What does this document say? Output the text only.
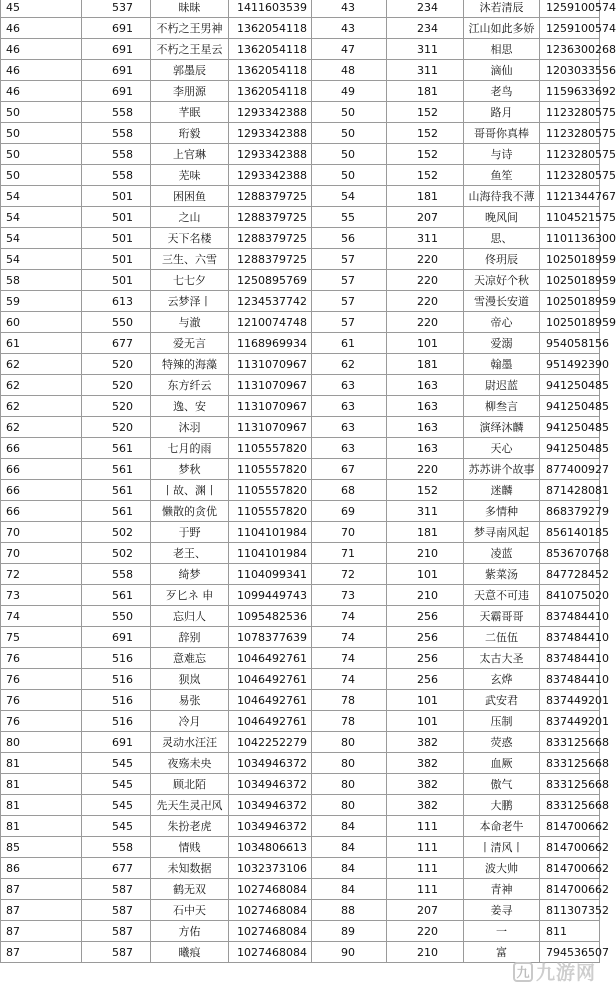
45	537	昧昧	1411603539	43	234	沐若清辰	1259100574
46	691	不朽之王男神	1362054118	43	234	江山如此多娇	1259100574
46	691	不朽之王星云	1362054118	47	311	相思	1236300268
46	691	郭墨辰	1362054118	48	311	滴仙	1203033556
46	691	李朋源	1362054118	49	181	老鸟	1159633692
50	558	芊眠	1293342388	50	152	路月	1123280575
50	558	珩毅	1293342388	50	152	哥哥你真棒	1123280575
50	558	上官琳	1293342388	50	152	与诗	1123280575
50	558	芜味	1293342388	50	152	鱼笙	1123280575
54	501	困困鱼	1288379725	54	181	山海待我不薄	1121344767
54	501	之山	1288379725	55	207	晚风间	1104521575
54	501	天下名楼	1288379725	56	311	思、	1101136300
54	501	三生、六雪	1288379725	57	220	佟玥辰	1025018959
58	501	七七夕	1250895769	57	220	天凉好个秋	1025018959
59	613	云梦泽丨	1234537742	57	220	雪漫长安道	1025018959
60	550	与澈	1210074748	57	220	帝心	1025018959
61	677	爱无言	1168969934	61	101	爱溺	954058156
62	520	特辣的海藻	1131070967	62	181	翰墨	951492390
62	520	东方纤云	1131070967	63	163	尉迟蓝	941250485
62	520	逸、安	1131070967	63	163	柳叁言	941250485
62	520	沐羽	1131070967	63	163	演绎沐麟	941250485
66	561	七月的雨	1105557820	63	163	天心	941250485
66	561	梦秋	1105557820	67	220	苏苏讲个故事	877400927
66	561	丨故、渊丨	1105557820	68	152	迷麟	871428081
66	561	懒散的贪优	1105557820	69	311	多情种	868379279
70	502	于野	1104101984	70	181	梦寻南风起	856140185
70	502	老王、	1104101984	71	210	凌蓝	853670768
72	558	绮梦	1104099341	72	101	紫菜汤	847728452
73	561	歹匕ネ 申	1099449743	73	210	天意不可违	841075020
74	550	忘归人	1095482536	74	256	天霸哥哥	837484410
75	691	辞别	1078377639	74	256	二伍伍	837484410
76	516	意难忘	1046492761	74	256	太古大圣	837484410
76	516	狈岚	1046492761	74	256	玄烨	837484410
76	516	易张	1046492761	78	101	武安君	837449201
76	516	冷月	1046492761	78	101	压制	837449201
80	691	灵动水汪汪	1042252279	80	382	荧惑	833125668
81	545	夜殇未央	1034946372	80	382	血厥	833125668
81	545	顾北陌	1034946372	80	382	傲气	833125668
81	545	先天生灵卍风	1034946372	80	382	大鹏	833125668
81	545	朱扮老虎	1034946372	84	111	本命老牛	814700662
85	558	情贱	1034806613	84	111	丨清风丨	814700662
86	677	未知数据	1032373106	84	111	波大帅	814700662
87	587	鹤无双	1027468084	84	111	青神	814700662
87	587	石中天	1027468084	88	207	姜寻	811307352
87	587	方佑	1027468084	89	220	一	811
87	587	曦痕	1027468084	90	210	富	794536507
九 九游网
